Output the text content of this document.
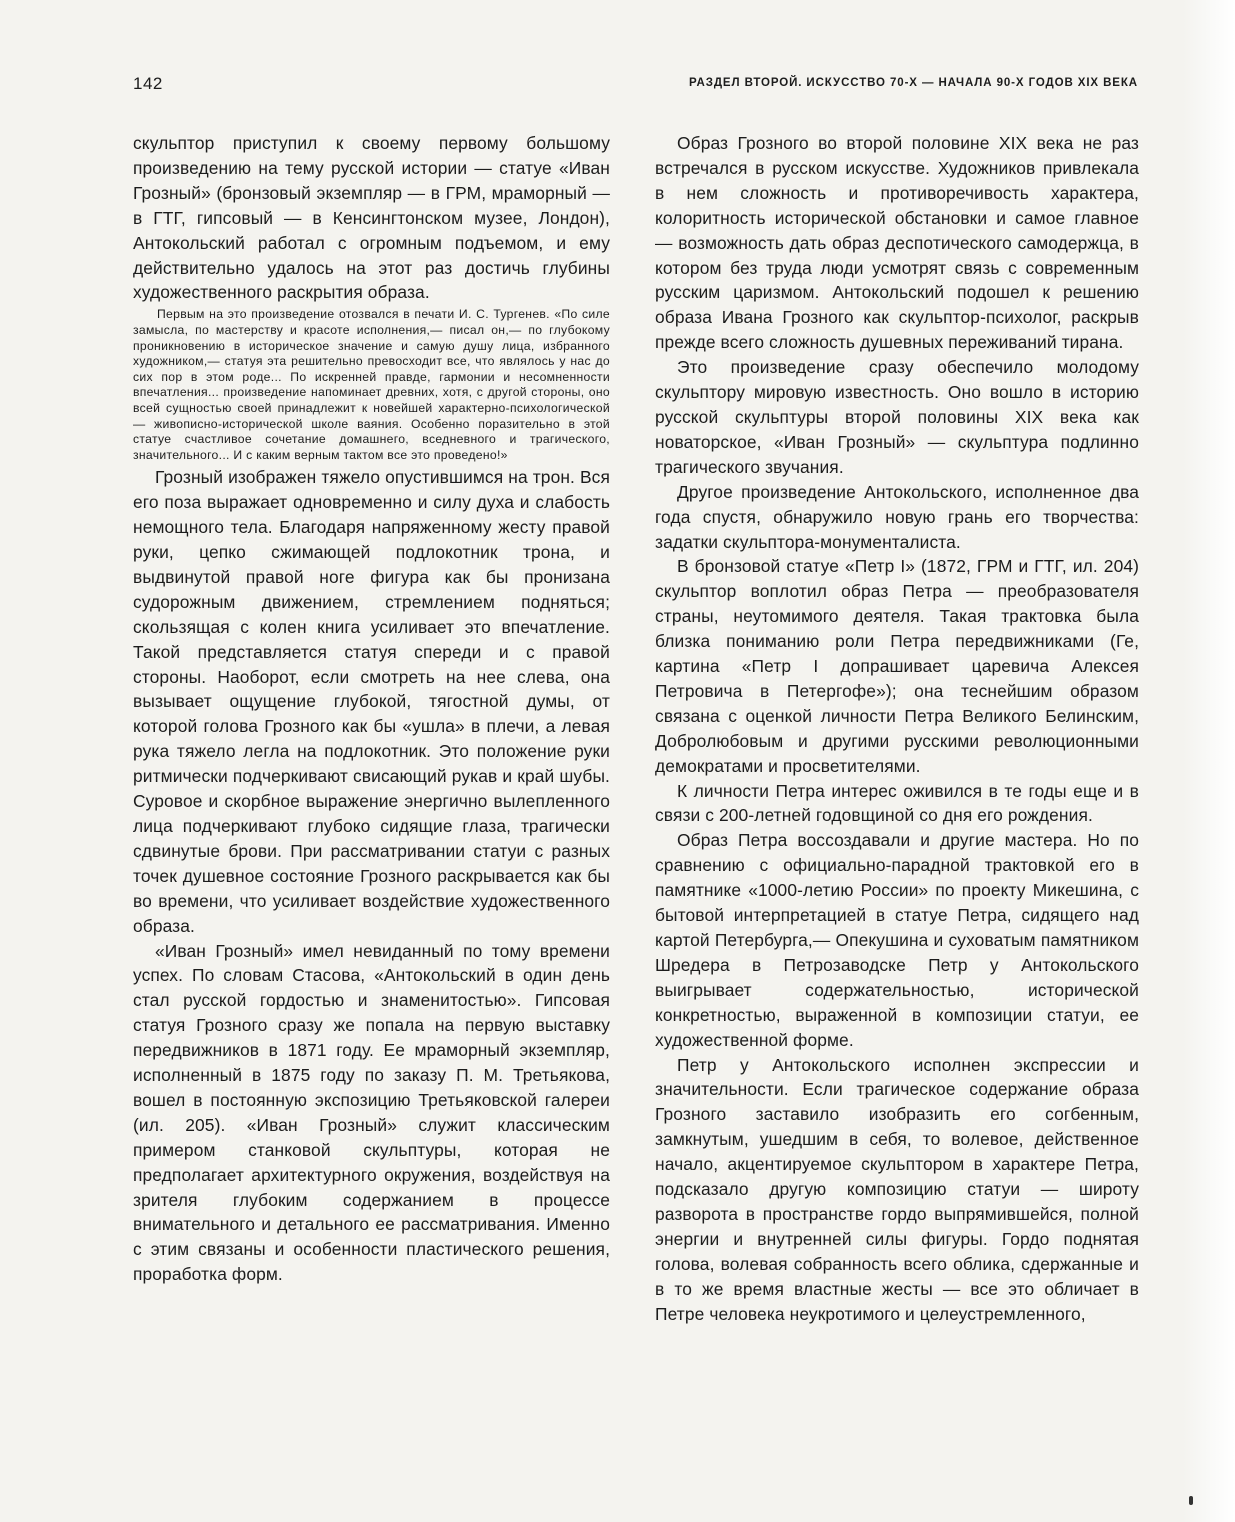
142	РАЗДЕЛ ВТОРОЙ. ИСКУССТВО 70-Х — НАЧАЛА 90-Х ГОДОВ XIX ВЕКА

скульптор приступил к своему первому большому произведению на тему русской истории — статуе «Иван Грозный» (бронзовый экземпляр — в ГРМ, мраморный — в ГТГ, гипсовый — в Кенсингтонском музее, Лондон), Антокольский работал с огромным подъемом, и ему действительно удалось на этот раз достичь глубины художественного раскрытия образа.

Первым на это произведение отозвался в печати И. С. Тургенев. «По силе замысла, по мастерству и красоте исполнения,— писал он,— по глубокому проникновению в историческое значение и самую душу лица, избранного художником,— статуя эта решительно превосходит все, что являлось у нас до сих пор в этом роде... По искренней правде, гармонии и несомненности впечатления... произведение напоминает древних, хотя, с другой стороны, оно всей сущностью своей принадлежит к новейшей характерно-психологической — живописно-исторической школе ваяния. Особенно поразительно в этой статуе счастливое сочетание домашнего, вседневного и трагического, значительного... И с каким верным тактом все это проведено!»

Грозный изображен тяжело опустившимся на трон. Вся его поза выражает одновременно и силу духа и слабость немощного тела. Благодаря напряженному жесту правой руки, цепко сжимающей подлокотник трона, и выдвинутой правой ноге фигура как бы пронизана судорожным движением, стремлением подняться; скользящая с колен книга усиливает это впечатление. Такой представляется статуя спереди и с правой стороны. Наоборот, если смотреть на нее слева, она вызывает ощущение глубокой, тягостной думы, от которой голова Грозного как бы «ушла» в плечи, а левая рука тяжело легла на подлокотник. Это положение руки ритмически подчеркивают свисающий рукав и край шубы. Суровое и скорбное выражение энергично вылепленного лица подчеркивают глубоко сидящие глаза, трагически сдвинутые брови. При рассматривании статуи с разных точек душевное состояние Грозного раскрывается как бы во времени, что усиливает воздействие художественного образа.

«Иван Грозный» имел невиданный по тому времени успех. По словам Стасова, «Антокольский в один день стал русской гордостью и знаменитостью». Гипсовая статуя Грозного сразу же попала на первую выставку передвижников в 1871 году. Ее мраморный экземпляр, исполненный в 1875 году по заказу П. М. Третьякова, вошел в постоянную экспозицию Третьяковской галереи (ил. 205). «Иван Грозный» служит классическим примером станковой скульптуры, которая не предполагает архитектурного окружения, воздействуя на зрителя глубоким содержанием в процессе внимательного и детального ее рассматривания. Именно с этим связаны и особенности пластического решения, проработка форм.

Образ Грозного во второй половине XIX века не раз встречался в русском искусстве. Художников привлекала в нем сложность и противоречивость характера, колоритность исторической обстановки и самое главное — возможность дать образ деспотического самодержца, в котором без труда люди усмотрят связь с современным русским царизмом. Антокольский подошел к решению образа Ивана Грозного как скульптор-психолог, раскрыв прежде всего сложность душевных переживаний тирана.

Это произведение сразу обеспечило молодому скульптору мировую известность. Оно вошло в историю русской скульптуры второй половины XIX века как новаторское, «Иван Грозный» — скульптура подлинно трагического звучания.

Другое произведение Антокольского, исполненное два года спустя, обнаружило новую грань его творчества: задатки скульптора-монументалиста.

В бронзовой статуе «Петр I» (1872, ГРМ и ГТГ, ил. 204) скульптор воплотил образ Петра — преобразователя страны, неутомимого деятеля. Такая трактовка была близка пониманию роли Петра передвижниками (Ге, картина «Петр I допрашивает царевича Алексея Петровича в Петергофе»); она теснейшим образом связана с оценкой личности Петра Великого Белинским, Добролюбовым и другими русскими революционными демократами и просветителями.

К личности Петра интерес оживился в те годы еще и в связи с 200-летней годовщиной со дня его рождения.

Образ Петра воссоздавали и другие мастера. Но по сравнению с официально-парадной трактовкой его в памятнике «1000-летию России» по проекту Микешина, с бытовой интерпретацией в статуе Петра, сидящего над картой Петербурга,— Опекушина и суховатым памятником Шредера в Петрозаводске Петр у Антокольского выигрывает содержательностью, исторической конкретностью, выраженной в композиции статуи, ее художественной форме.

Петр у Антокольского исполнен экспрессии и значительности. Если трагическое содержание образа Грозного заставило изобразить его согбенным, замкнутым, ушедшим в себя, то волевое, действенное начало, акцентируемое скульптором в характере Петра, подсказало другую композицию статуи — широту разворота в пространстве гордо выпрямившейся, полной энергии и внутренней силы фигуры. Гордо поднятая голова, волевая собранность всего облика, сдержанные и в то же время властные жесты — все это обличает в Петре человека неукротимого и целеустремленного,
